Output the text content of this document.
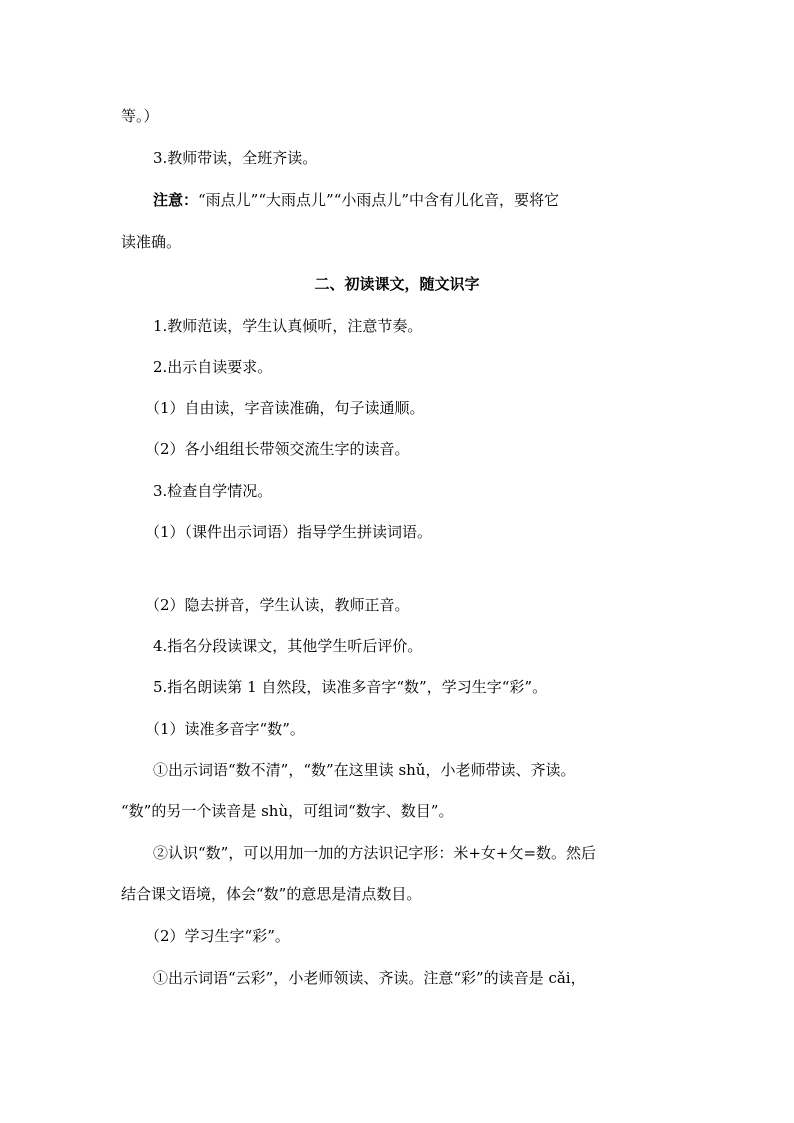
等。）
3.教师带读，全班齐读。
注意：“雨点儿”“大雨点儿”“小雨点儿”中含有儿化音，要将它
读准确。
二、初读课文，随文识字
1.教师范读，学生认真倾听，注意节奏。
2.出示自读要求。
（1）自由读，字音读准确，句子读通顺。
（2）各小组组长带领交流生字的读音。
3.检查自学情况。
（1）（课件出示词语）指导学生拼读词语。
（2）隐去拼音，学生认读，教师正音。
4.指名分段读课文，其他学生听后评价。
5.指名朗读第 1 自然段，读准多音字“数”，学习生字“彩”。
（1）读准多音字“数”。
①出示词语“数不清”，“数”在这里读 shǔ，小老师带读、齐读。
“数”的另一个读音是 shù，可组词“数字、数目”。
②认识“数”，可以用加一加的方法识记字形：米+女+攵=数。然后
结合课文语境，体会“数”的意思是清点数目。
（2）学习生字“彩”。
①出示词语“云彩”，小老师领读、齐读。注意“彩”的读音是 cǎi，
